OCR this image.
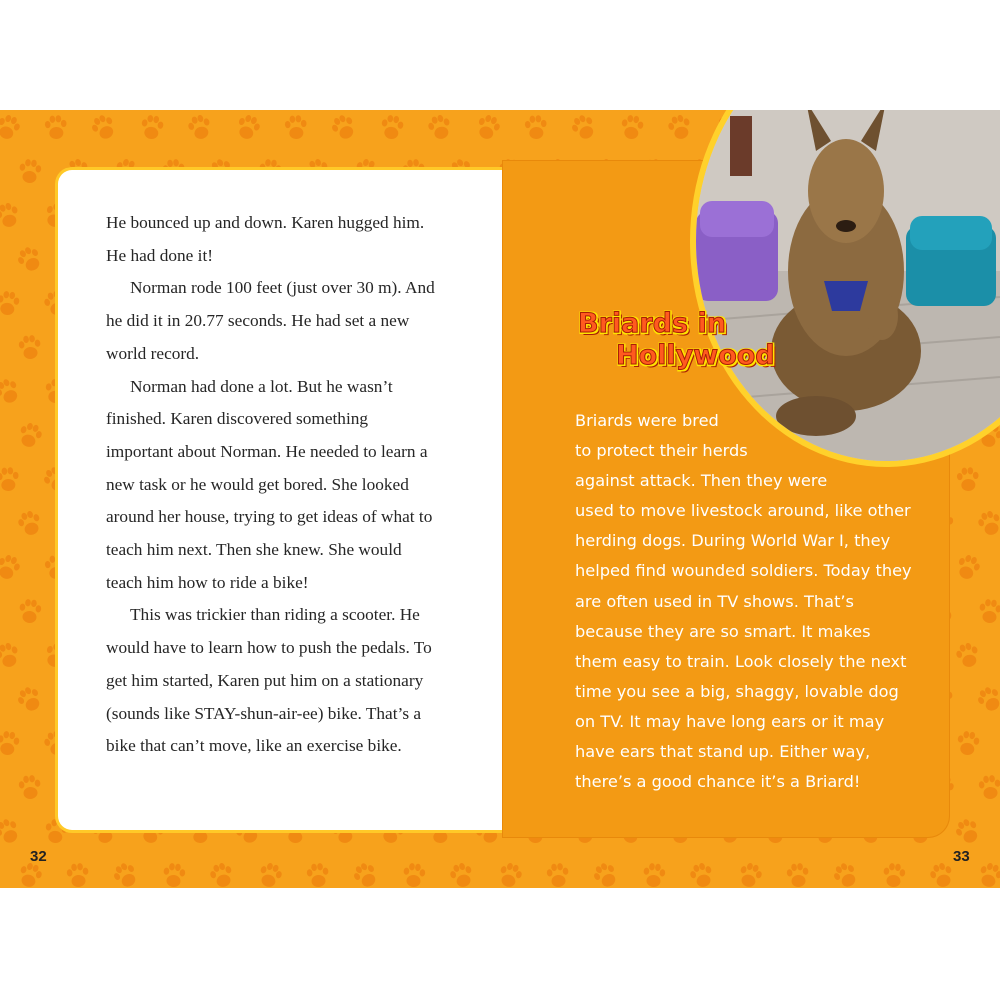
He bounced up and down. Karen hugged him. He had done it!

Norman rode 100 feet (just over 30 m). And he did it in 20.77 seconds. He had set a new world record.

Norman had done a lot. But he wasn’t finished. Karen discovered something important about Norman. He needed to learn a new task or he would get bored. She looked around her house, trying to get ideas of what to teach him next. Then she knew. She would teach him how to ride a bike!

This was trickier than riding a scooter. He would have to learn how to push the pedals. To get him started, Karen put him on a stationary (sounds like STAY-shun-air-ee) bike. That’s a bike that can’t move, like an exercise bike.

Briards in
Hollywood
Briards were bred
to protect their herds
against attack. Then they were
used to move livestock around, like other
herding dogs. During World War I, they
helped find wounded soldiers. Today they
are often used in TV shows. That’s
because they are so smart. It makes
them easy to train. Look closely the next
time you see a big, shaggy, lovable dog
on TV. It may have long ears or it may
have ears that stand up. Either way,
there’s a good chance it’s a Briard!
32	33
